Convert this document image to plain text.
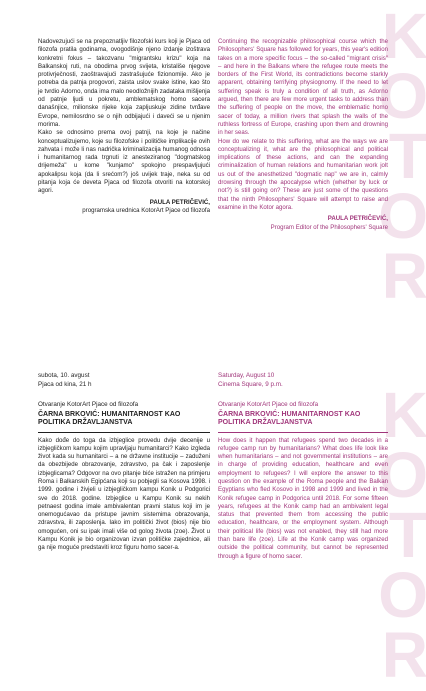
K
O
T
O
R
K
O
T
O
R

Nadovezujući se na prepoznatljiv filozofski kurs koji je Pjaca od filozofa pratila godinama, ovogodišnje njeno izdanje izoštrava konkretni fokus – takozvanu "migrantsku krizu" koja na Balkanskoj ruti, na obodima prvog svijeta, kristališe njegove protivrječnosti, zaoštravajući zastrašujuće fizionomije. Ako je potreba da patnja progovori, zaista uslov svake istine, kao što je tvrdio Adorno, onda ima malo neodložnijih zadataka mišljenja od patnje ljudi u pokretu, amblematskog homo sacera današnjice, milionske rijeke koja zapljuskuje zidine tvrđave Evrope, nemilosrdno se o njih odbijajući i daveći se u njenim morima.
Kako se odnosimo prema ovoj patnji, na koje je načine konceptualizujemo, koje su filozofske i političke implikacije ovih zahvata i može li nas nadrička kriminalizacija humanog odnosa i humanitarnog rada trgnuti iz anesteziranog "dogmatskog drijemeža" u kome "kunjamo" spokojno prespavljujući apokalipsu koja (da li srećom?) još uvijek traje, neka su od pitanja koja će deveta Pjaca od filozofa otvoriti na kotorskoj agori.

PAULA PETRIČEVIĆ,

programska urednica KotorArt Pjace od filozofa

subota, 10. avgust

Pjaca od kina, 21 h

Otvaranje KotorArt Pjace od filozofa

ČARNA BRKOVIĆ: HUMANITARNOST KAO POLITIKA DRŽAVLJANSTVA

Kako dođe do toga da izbjeglice provedu dvije decenije u izbjegličkom kampu kojim upravljaju humanitarci? Kako izgleda život kada su humanitarci – a ne državne institucije – zaduženi da obezbijede obrazovanje, zdravstvo, pa čak i zaposlenje izbjeglicama? Odgovor na ovo pitanje biće istražen na primjeru Roma i Balkanskih Egipćana koji su pobjegli sa Kosova 1998. i 1999. godine i živjeli u izbjegličkom kampu Konik u Podgorici sve do 2018. godine. Izbjeglice u Kampu Konik su nekih petnaest godina imale ambivalentan pravni status koji im je onemogućavao da pristupe javnim sistemima obrazovanja, zdravstva, ili zaposlenja. Iako im politički život (bios) nije bio omogućen, oni su ipak imali više od golog života (zoe). Život u Kampu Konik je bio organizovan izvan političke zajednice, ali ga nije moguće predstaviti kroz figuru homo sacer-a.

Continuing the recognizable philosophical course which the Philosophers' Square has followed for years, this year's edition takes on a more specific focus – the so-called "migrant crisis" – and here in the Balkans where the refugee route meets the borders of the First World, its contradictions become starkly apparent, obtaining terrifying physiognomy. If the need to let suffering speak is truly a condition of all truth, as Adorno argued, then there are few more urgent tasks to address than the suffering of people on the move, the emblematic homo sacer of today, a million rivers that splash the walls of the ruthless fortress of Europe, crashing upon them and drowning in her seas.
How do we relate to this suffering, what are the ways we are conceptualizing it, what are the philosophical and political implications of these actions, and can the expanding criminalization of human relations and humanitarian work jolt us out of the anesthetized "dogmatic nap" we are in, calmly drowsing through the apocalypse which (whether by luck or not?) is still going on? These are just some of the questions that the ninth Philosophers' Square will attempt to raise and examine in the Kotor agora.

PAULA PETRIČEVIĆ,

Program Editor of the Philosophers' Square

Saturday, August 10

Cinema Square, 9 p.m.

Otvaranje KotorArt Pjace od filozofa

ČARNA BRKOVIĆ: HUMANITARNOST KAO POLITIKA DRŽAVLJANSTVA

How does it happen that refugees spend two decades in a refugee camp run by humanitarians? What does life look like when humanitarians – and not governmental institutions – are in charge of providing education, healthcare and even employment to refugees? I will explore the answer to this question on the example of the Roma people and the Balkan Egyptians who fled Kosovo in 1998 and 1999 and lived in the Konik refugee camp in Podgorica until 2018. For some fifteen years, refugees at the Konik camp had an ambivalent legal status that prevented them from accessing the public education, healthcare, or the employment system. Although their political life (bios) was not enabled, they still had more than bare life (zoe). Life at the Konik camp was organized outside the political community, but cannot be represented through a figure of homo sacer.
